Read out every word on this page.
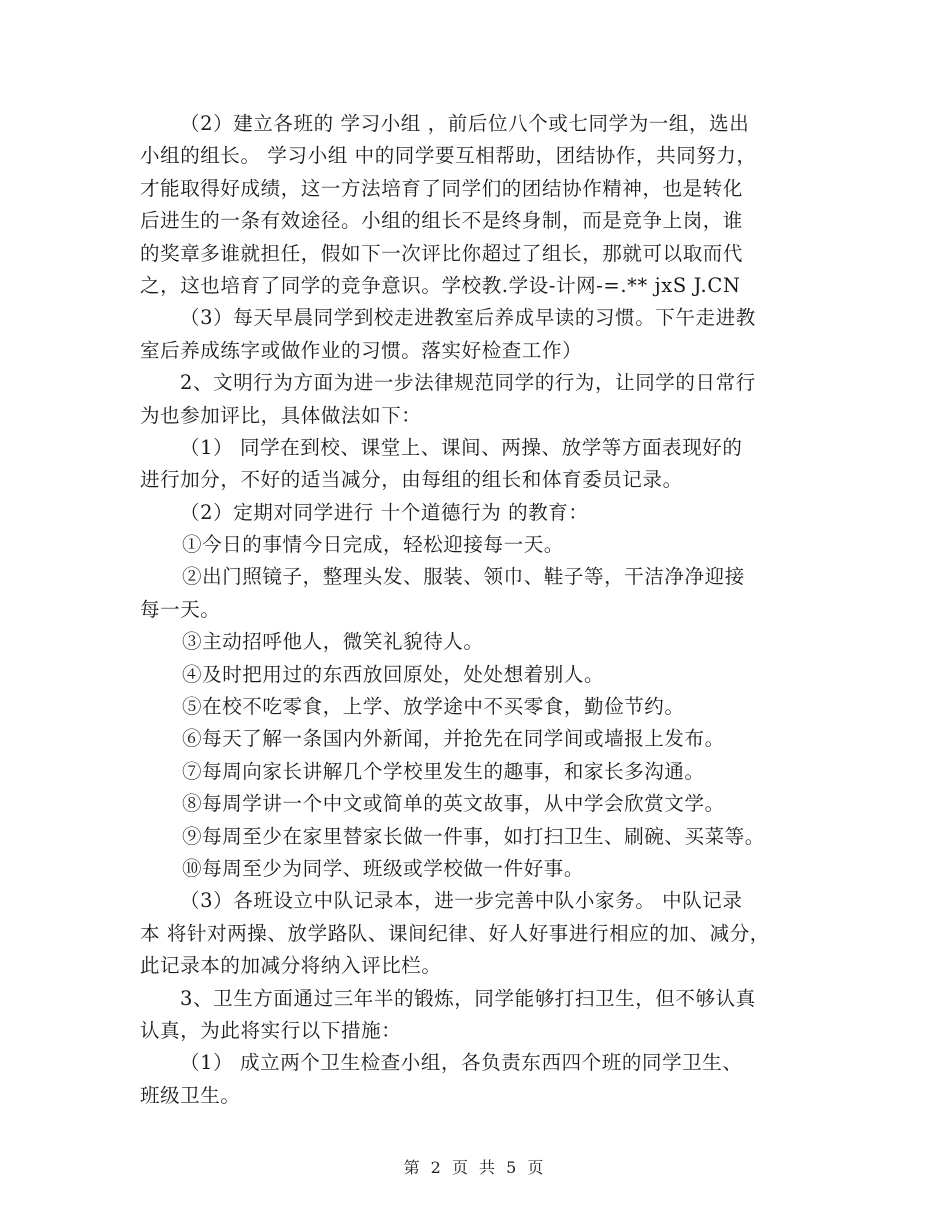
（2）建立各班的 学习小组 ，前后位八个或七同学为一组，选出
小组的组长。 学习小组 中的同学要互相帮助，团结协作，共同努力，
才能取得好成绩，这一方法培育了同学们的团结协作精神，也是转化
后进生的一条有效途径。小组的组长不是终身制，而是竞争上岗，谁
的奖章多谁就担任，假如下一次评比你超过了组长，那就可以取而代
之，这也培育了同学的竞争意识。学校教.学设-计网-=.** jxS J.CN
（3）每天早晨同学到校走进教室后养成早读的习惯。下午走进教
室后养成练字或做作业的习惯。落实好检查工作）
2、文明行为方面为进一步法律规范同学的行为，让同学的日常行
为也参加评比，具体做法如下：
（1） 同学在到校、课堂上、课间、两操、放学等方面表现好的
进行加分，不好的适当减分，由每组的组长和体育委员记录。
（2）定期对同学进行 十个道德行为 的教育：
①今日的事情今日完成，轻松迎接每一天。
②出门照镜子，整理头发、服装、领巾、鞋子等，干洁净净迎接
每一天。
③主动招呼他人，微笑礼貌待人。
④及时把用过的东西放回原处，处处想着别人。
⑤在校不吃零食，上学、放学途中不买零食，勤俭节约。
⑥每天了解一条国内外新闻，并抢先在同学间或墙报上发布。
⑦每周向家长讲解几个学校里发生的趣事，和家长多沟通。
⑧每周学讲一个中文或简单的英文故事，从中学会欣赏文学。
⑨每周至少在家里替家长做一件事，如打扫卫生、刷碗、买菜等。
⑩每周至少为同学、班级或学校做一件好事。
（3）各班设立中队记录本，进一步完善中队小家务。 中队记录
本 将针对两操、放学路队、课间纪律、好人好事进行相应的加、减分，
此记录本的加减分将纳入评比栏。
3、卫生方面通过三年半的锻炼，同学能够打扫卫生，但不够认真
认真，为此将实行以下措施：
（1） 成立两个卫生检查小组，各负责东西四个班的同学卫生、
班级卫生。
第 2 页 共 5 页
